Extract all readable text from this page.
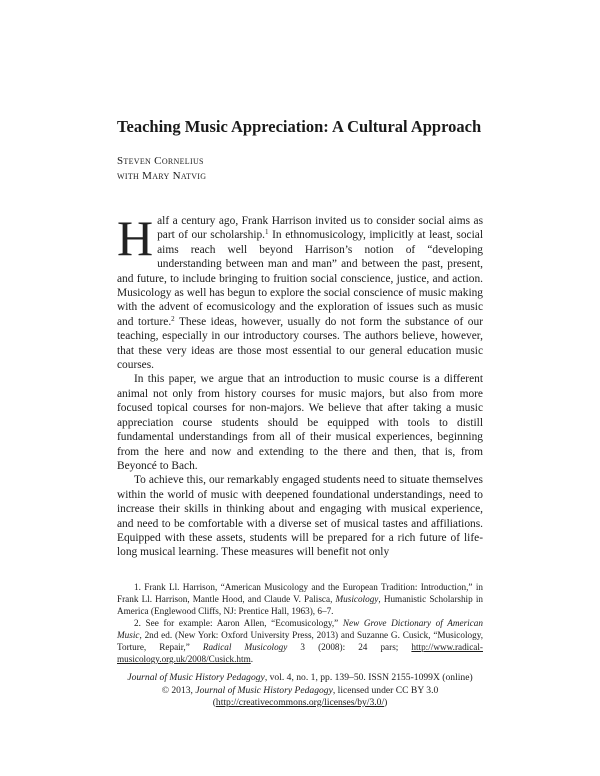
Teaching Music Appreciation: A Cultural Approach
Steven Cornelius
with Mary Natvig

Half a century ago, Frank Harrison invited us to consider social aims as part of our scholarship.$^1$ In ethnomusicology, implicitly at least, social aims reach well beyond Harrison’s notion of “developing understanding between man and man” and between the past, present, and future, to include bringing to fruition social conscience, justice, and action. Musicology as well has begun to explore the social conscience of music making with the advent of ecomusicology and the exploration of issues such as music and torture.$^2$ These ideas, however, usually do not form the substance of our teaching, especially in our introductory courses. The authors believe, however, that these very ideas are those most essential to our general education music courses.

In this paper, we argue that an introduction to music course is a different animal not only from history courses for music majors, but also from more focused topical courses for non-majors. We believe that after taking a music appreciation course students should be equipped with tools to distill fundamental understandings from all of their musical experiences, beginning from the here and now and extending to the there and then, that is, from Beyoncé to Bach.

To achieve this, our remarkably engaged students need to situate themselves within the world of music with deepened foundational understandings, need to increase their skills in thinking about and engaging with musical experience, and need to be comfortable with a diverse set of musical tastes and affiliations. Equipped with these assets, students will be prepared for a rich future of life-long musical learning. These measures will benefit not only

1. Frank Ll. Harrison, “American Musicology and the European Tradition: Introduction,” in Frank Ll. Harrison, Mantle Hood, and Claude V. Palisca, Musicology, Humanistic Scholarship in America (Englewood Cliffs, NJ: Prentice Hall, 1963), 6–7.

2. See for example: Aaron Allen, “Ecomusicology,” New Grove Dictionary of American Music, 2nd ed. (New York: Oxford University Press, 2013) and Suzanne G. Cusick, “Musicology, Torture, Repair,” Radical Musicology 3 (2008): 24 pars; http://www.radical-musicology.org.uk/2008/Cusick.htm.

Journal of Music History Pedagogy, vol. 4, no. 1, pp. 139–50. ISSN 2155-1099X (online)
© 2013, Journal of Music History Pedagogy, licensed under CC BY 3.0
(http://creativecommons.org/licenses/by/3.0/)
